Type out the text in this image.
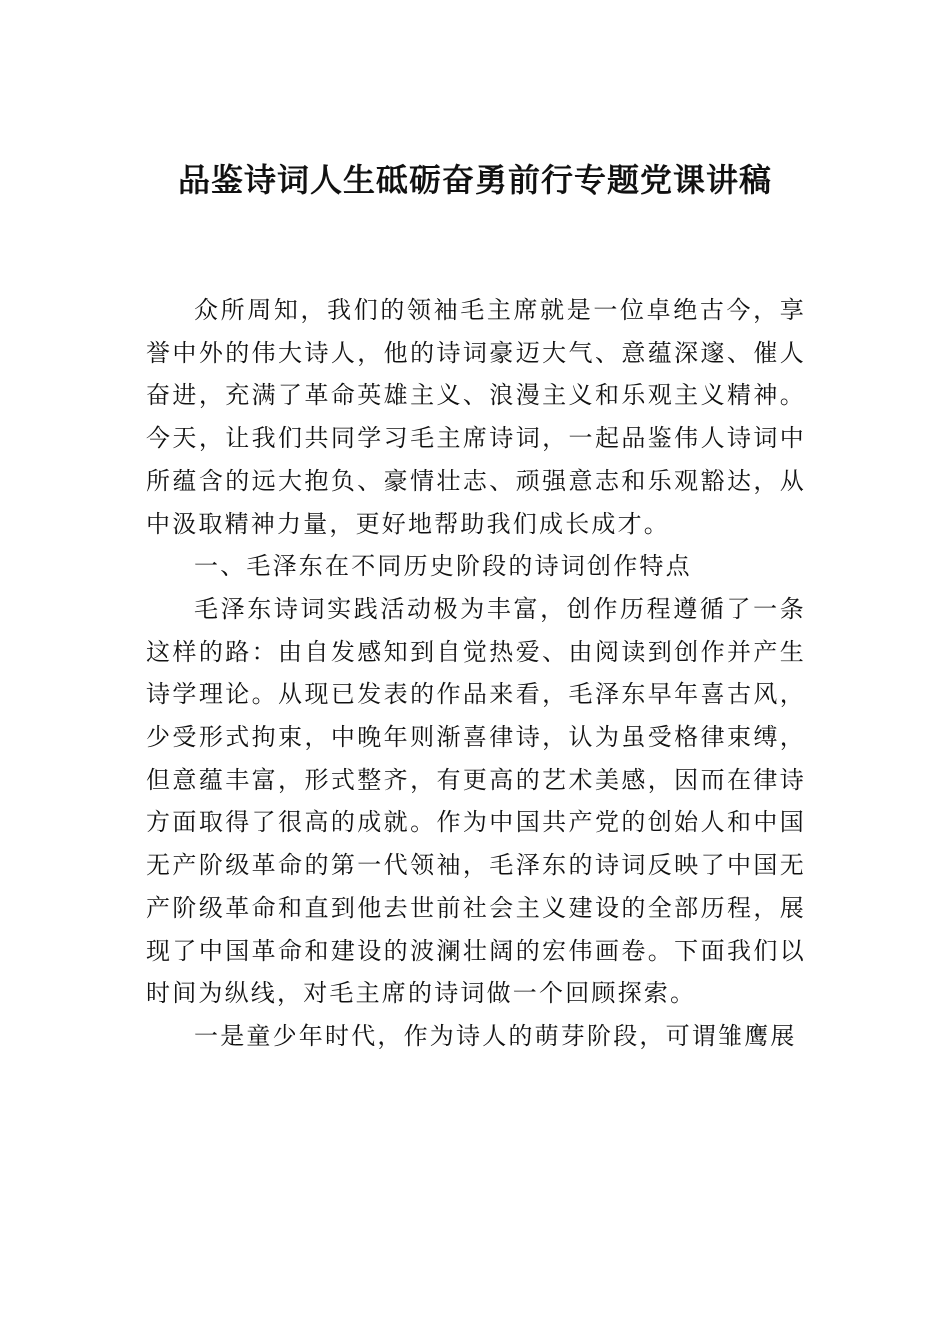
品鉴诗词人生砥砺奋勇前行专题党课讲稿

众所周知，我们的领袖毛主席就是一位卓绝古今，享誉中外的伟大诗人，他的诗词豪迈大气、意蕴深邃、催人奋进，充满了革命英雄主义、浪漫主义和乐观主义精神。今天，让我们共同学习毛主席诗词，一起品鉴伟人诗词中所蕴含的远大抱负、豪情壮志、顽强意志和乐观豁达，从中汲取精神力量，更好地帮助我们成长成才。

一、毛泽东在不同历史阶段的诗词创作特点

毛泽东诗词实践活动极为丰富，创作历程遵循了一条这样的路：由自发感知到自觉热爱、由阅读到创作并产生诗学理论。从现已发表的作品来看，毛泽东早年喜古风，少受形式拘束，中晚年则渐喜律诗，认为虽受格律束缚，但意蕴丰富，形式整齐，有更高的艺术美感，因而在律诗方面取得了很高的成就。作为中国共产党的创始人和中国无产阶级革命的第一代领袖，毛泽东的诗词反映了中国无产阶级革命和直到他去世前社会主义建设的全部历程，展现了中国革命和建设的波澜壮阔的宏伟画卷。下面我们以时间为纵线，对毛主席的诗词做一个回顾探索。

一是童少年时代，作为诗人的萌芽阶段，可谓雏鹰展
